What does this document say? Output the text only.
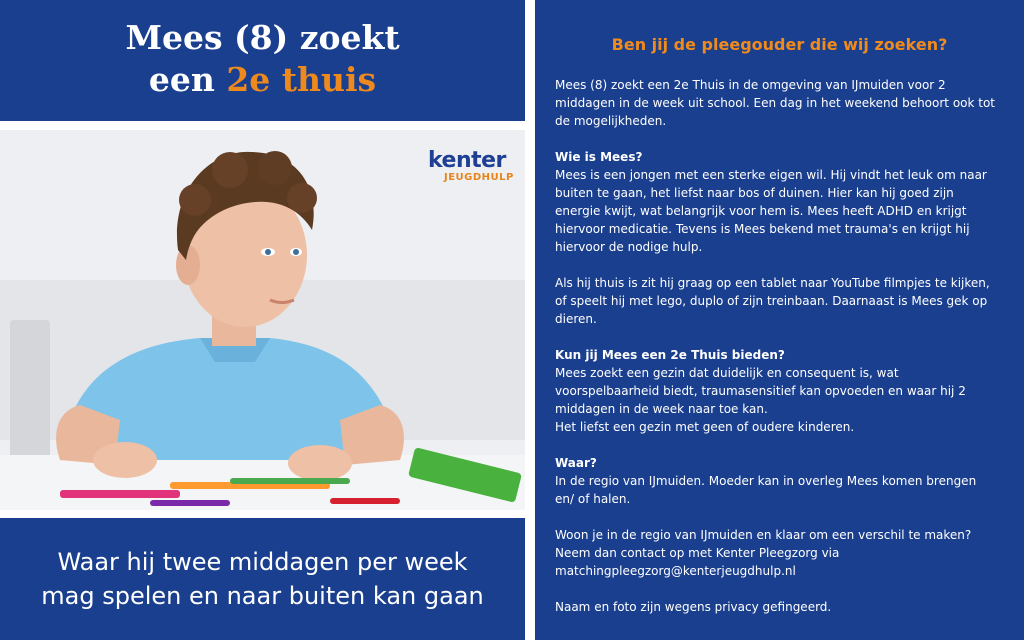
Mees (8) zoekt
een 2e thuis
kenter
JEUGDHULP
Waar hij twee middagen per week
mag spelen en naar buiten kan gaan
Ben jij de pleegouder die wij zoeken?

Mees (8) zoekt een 2e Thuis in de omgeving van IJmuiden voor 2 middagen in de week uit school. Een dag in het weekend behoort ook tot de mogelijkheden.

Wie is Mees?

Mees is een jongen met een sterke eigen wil. Hij vindt het leuk om naar buiten te gaan, het liefst naar bos of duinen. Hier kan hij goed zijn energie kwijt, wat belangrijk voor hem is. Mees heeft ADHD en krijgt hiervoor medicatie. Tevens is Mees bekend met trauma's en krijgt hij hiervoor de nodige hulp.

Als hij thuis is zit hij graag op een tablet naar YouTube filmpjes te kijken, of speelt hij met lego, duplo of zijn treinbaan. Daarnaast is Mees gek op dieren.

Kun jij Mees een 2e Thuis bieden?

Mees zoekt een gezin dat duidelijk en consequent is, wat voorspelbaarheid biedt, traumasensitief kan opvoeden en waar hij 2 middagen in de week naar toe kan.

Het liefst een gezin met geen of oudere kinderen.

Waar?

In de regio van IJmuiden. Moeder kan in overleg Mees komen brengen en/ of halen.

Woon je in de regio van IJmuiden en klaar om een verschil te maken?

Neem dan contact op met Kenter Pleegzorg via

matchingpleegzorg@kenterjeugdhulp.nl

Naam en foto zijn wegens privacy gefingeerd.
